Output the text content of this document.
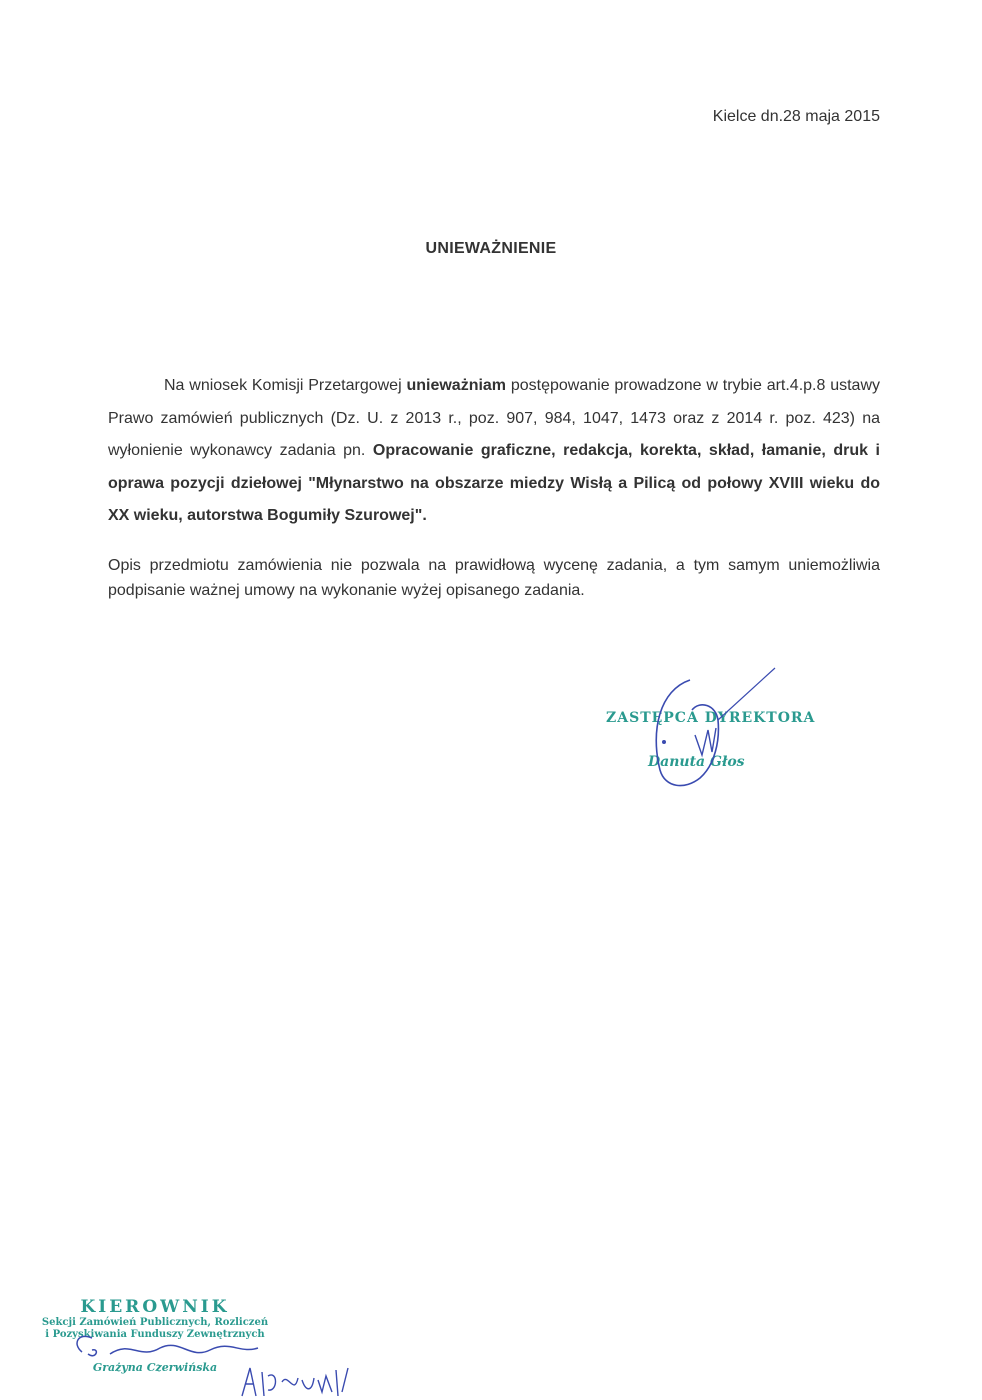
Kielce dn.28 maja 2015
UNIEWAŻNIENIE

Na wniosek Komisji Przetargowej unieważniam postępowanie prowadzone w trybie art.4.p.8 ustawy Prawo zamówień publicznych (Dz. U. z 2013 r., poz. 907, 984, 1047, 1473 oraz z 2014 r. poz. 423) na wyłonienie wykonawcy zadania pn. Opracowanie graficzne, redakcja, korekta, skład, łamanie, druk i oprawa pozycji dziełowej "Młynarstwo na obszarze miedzy Wisłą a Pilicą od połowy XVIII wieku do XX wieku, autorstwa Bogumiły Szurowej".

Opis przedmiotu zamówienia nie pozwala na prawidłową wycenę zadania, a tym samym uniemożliwia podpisanie ważnej umowy na wykonanie wyżej opisanego zadania.

ZASTĘPCA DYREKTORA
Danuta Głos
KIEROWNIK
Sekcji Zamówień Publicznych, Rozliczeń
i Pozyskiwania Funduszy Zewnętrznych
Grażyna Czerwińska
